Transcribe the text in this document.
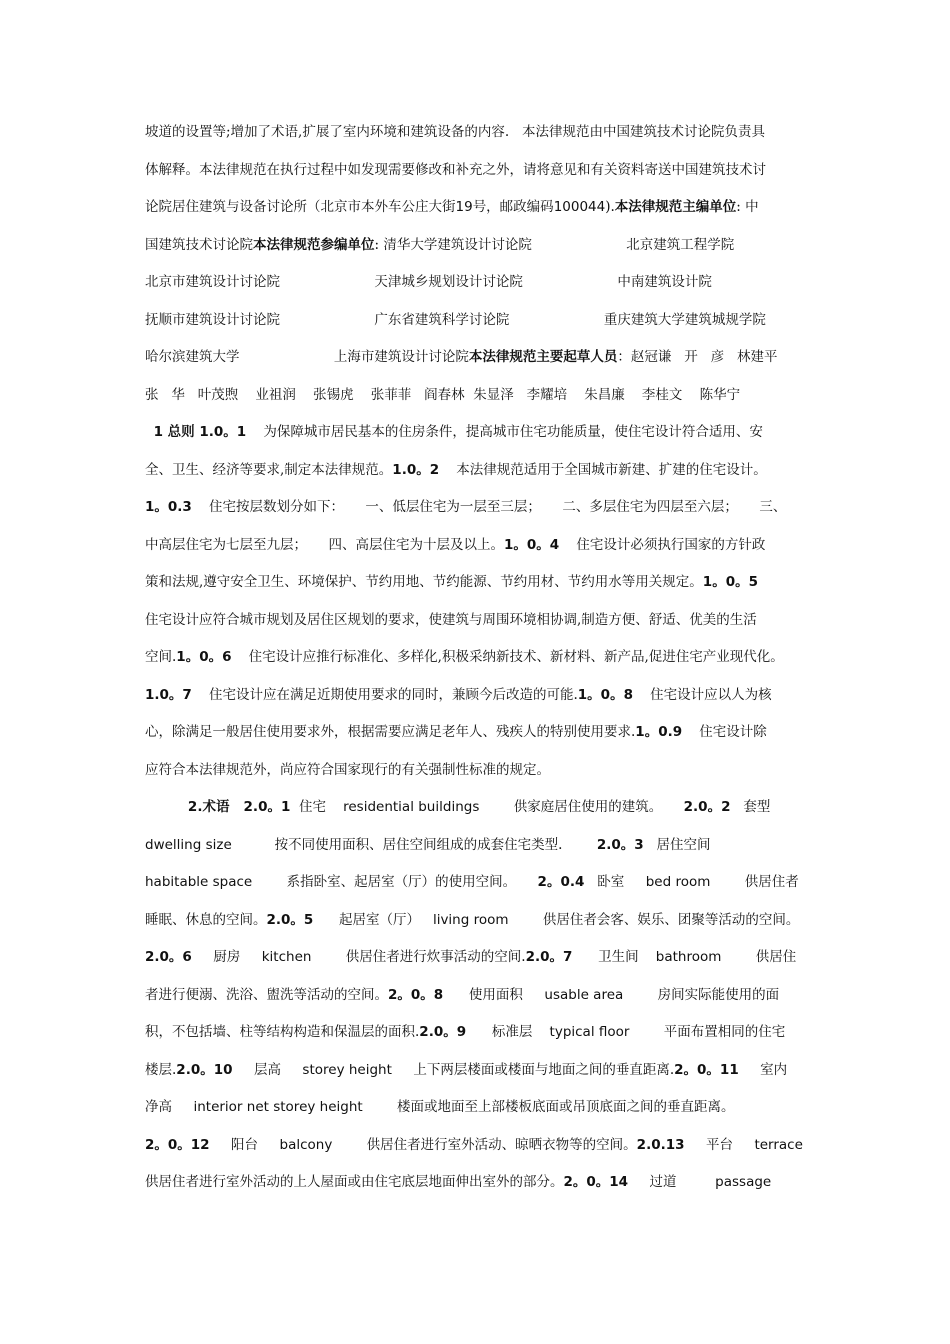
坡道的设置等;增加了术语,扩展了室内环境和建筑设备的内容.   本法律规范由中国建筑技术讨论院负责具
体解释。本法律规范在执行过程中如发现需要修改和补充之外，请将意见和有关资料寄送中国建筑技术讨
论院居住建筑与设备讨论所（北京市本外车公庄大街19号，邮政编码100044).本法律规范主编单位: 中
国建筑技术讨论院本法律规范参编单位: 清华大学建筑设计讨论院                      北京建筑工程学院
北京市建筑设计讨论院                      天津城乡规划设计讨论院                      中南建筑设计院
抚顺市建筑设计讨论院                      广东省建筑科学讨论院                      重庆建筑大学建筑城规学院
哈尔滨建筑大学                      上海市建筑设计讨论院本法律规范主要起草人员：赵冠谦   开   彦   林建平
张   华   叶茂煦    业祖润    张锡虎    张菲菲   阎春林  朱显泽   李耀培    朱昌廉    李桂文    陈华宁
1 总则 1.0。1    为保障城市居民基本的住房条件，提高城市住宅功能质量，使住宅设计符合适用、安
全、卫生、经济等要求,制定本法律规范。1.0。2    本法律规范适用于全国城市新建、扩建的住宅设计。
1。0.3    住宅按层数划分如下：     一、低层住宅为一层至三层；     二、多层住宅为四层至六层；     三、
中高层住宅为七层至九层；     四、高层住宅为十层及以上。1。0。4    住宅设计必须执行国家的方针政
策和法规,遵守安全卫生、环境保护、节约用地、节约能源、节约用材、节约用水等用关规定。1。0。5
住宅设计应符合城市规划及居住区规划的要求，使建筑与周围环境相协调,制造方便、舒适、优美的生活
空间.1。0。6    住宅设计应推行标准化、多样化,积极采纳新技术、新材料、新产品,促进住宅产业现代化。
1.0。7    住宅设计应在满足近期使用要求的同时，兼顾今后改造的可能.1。0。8    住宅设计应以人为核
心，除满足一般居住使用要求外，根据需要应满足老年人、残疾人的特别使用要求.1。0.9    住宅设计除
应符合本法律规范外，尚应符合国家现行的有关强制性标准的规定。
2.术语   2.0。1  住宅    residential buildings        供家庭居住使用的建筑。     2.0。2   套型
dwelling size          按不同使用面积、居住空间组成的成套住宅类型.        2.0。3   居住空间
habitable space        系指卧室、起居室（厅）的使用空间。     2。0.4   卧室     bed room        供居住者
睡眠、休息的空间。2.0。5      起居室（厅）   living room        供居住者会客、娱乐、团聚等活动的空间。
2.0。6     厨房     kitchen        供居住者进行炊事活动的空间.2.0。7      卫生间    bathroom        供居住
者进行便溺、洗浴、盥洗等活动的空间。2。0。8      使用面积     usable area        房间实际能使用的面
积，不包括墙、柱等结构构造和保温层的面积.2.0。9      标准层    typical floor        平面布置相同的住宅
楼层.2.0。10     层高     storey height     上下两层楼面或楼面与地面之间的垂直距离.2。0。11     室内
净高     interior net storey height        楼面或地面至上部楼板底面或吊顶底面之间的垂直距离。
2。0。12     阳台     balcony        供居住者进行室外活动、晾晒衣物等的空间。2.0.13     平台     terrace
供居住者进行室外活动的上人屋面或由住宅底层地面伸出室外的部分。2。0。14     过道         passage
